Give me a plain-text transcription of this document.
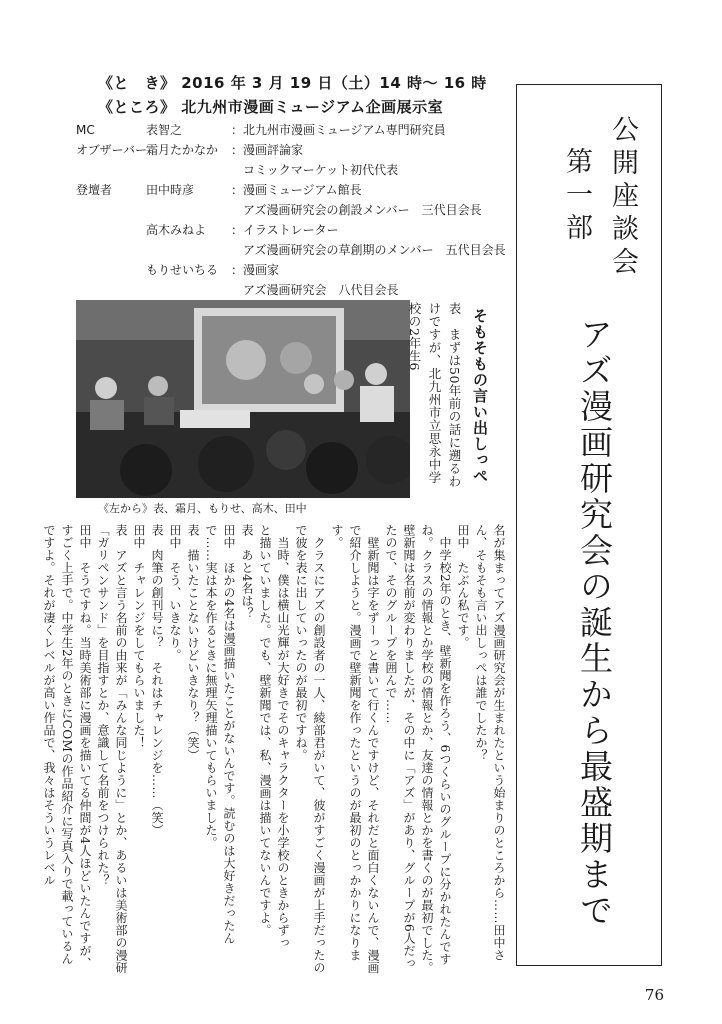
《と　き》 2016 年 3 月 19 日（土）14 時～ 16 時
《ところ》 北九州市漫画ミュージアム企画展示室
MC	表智之	：北九州市漫画ミュージアム専門研究員
オブザーバー
霜月たかなか ：漫画評論家
　コミックマーケット初代代表
登壇者	田中時彦	：漫画ミュージアム館長
　アズ漫画研究会の創設メンバー　三代目会長
高木みねよ ：イラストレーター
　アズ漫画研究会の草創期のメンバー　五代目会長
もりせいちる ：漫画家
　アズ漫画研究会　八代目会長
公開座談会
第一部
アズ漫画研究会の誕生から最盛期まで
《左から》表、霜月、もりせ、高木、田中
そもそもの言い出しっぺ

表　まずは50年前の話に遡るわけですが、北九州市立思永中学校の2年生6

名が集まってアズ漫画研究会が生まれたという始まりのところから……田中さん、そもそも言い出しっぺは誰でしたか？

田中　たぶん私です。

　中学校2年のとき、壁新聞を作ろう、6つくらいのグループに分かれたんですね。クラスの情報とか学校の情報とか、友達の情報とかを書くのが最初でした。壁新聞は名前が変わりましたが、その中に「アズ」があり、グループが6人だったので、そのグループを囲んで……

　壁新聞は字をずーっと書いて行くんですけど、それだと面白くないんで、漫画で紹介しようと。漫画で壁新聞を作ったというのが最初のとっかかりになります。

　クラスにアズの創設者の一人、綾部君がいて、彼がすごく漫画が上手だったので彼を表に出していったのが最初ですね。

　当時、僕は横山光輝が大好きでそのキャラクターを小学校のときからずっ

と描いていました。でも、壁新聞では、私、漫画は描いてないんですよ。

表　あと4名は？

田中　ほかの4名は漫画描いたことがないんです。読むのは大好きだったんで……実は本を作るときに無理矢理描いてもらいました。

表　描いたことないけどいきなり？（笑）

田中　そう、いきなり。

表　肉筆の創刊号に？　それはチャレンジを……（笑）

田中　チャレンジをしてもらいました！

表　アズと言う名前の由来が「みんな同じように」とか、あるいは美術部の漫研「ガリペンサンド」を目指すとか、意識して名前をつけられた？

田中　そうですね。当時美術部に漫画を描いてる仲間が4人ほどいたんですが、すごく上手で。中学生2年のときにCOMの作品紹介に写真入りで載っているんですよ。それが凄くレベルが高い作品で、我々はそういうレベル

76
